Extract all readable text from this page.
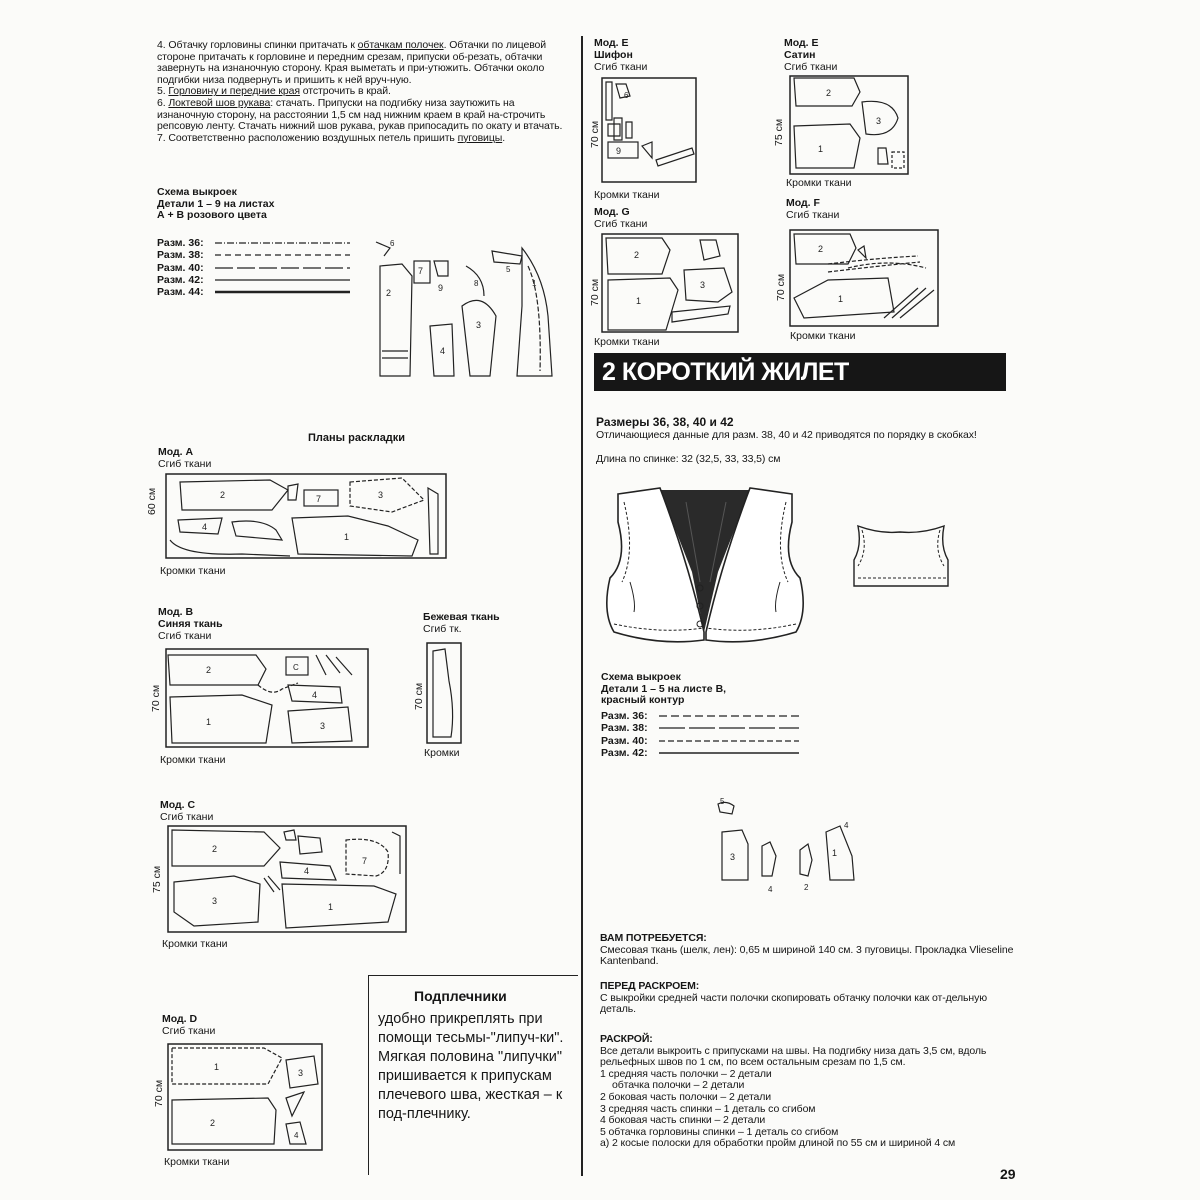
4. Обтачку горловины спинки притачать к обтачкам полочек. Обтачки по лицевой стороне притачать к горловине и передним срезам, припуски об-резать, обтачки завернуть на изнаночную сторону. Края выметать и при-утюжить. Обтачки около подгибки низа подвернуть и пришить к ней вруч-ную.
5. Горловину и передние края отстрочить в край.
6. Локтевой шов рукава: стачать. Припуски на подгибку низа заутюжить на изнаночную сторону, на расстоянии 1,5 см над нижним краем в край на-строчить репсовую ленту. Стачать нижний шов рукава, рукав припосадить по окату и втачать.
7. Соответственно расположению воздушных петель пришить пуговицы.
Схема выкроек
Детали 1 – 9 на листах
А + В розового цвета
Разм. 36:
Разм. 38:
Разм. 40:
Разм. 42:
Разм. 44:	2
6
7
9	8
5
4
3
1
Планы раскладки
Мод. А
Сгиб ткани
Кромки ткани
60 см	2	7	3
4
1
Мод. В
Синяя ткань
Сгиб ткани
Кромки ткани
70 см
2	С
4
1	3
Бежевая ткань
Сгиб тк.
Кромки
70 см
Мод. С
Сгиб ткани
Кромки ткани
75 см
2
7
4
3
1
Мод. D
Сгиб ткани
Кромки ткани
70 см
1
3
2
4
Подплечники
удобно прикреплять при помощи тесьмы-"липуч-ки". Мягкая половина "липучки" пришивается к припускам плечевого шва, жесткая – к под-плечнику.
Мод. Е
Шифон
Сгиб ткани
Кромки ткани
70 см
6
9
Мод. G
Сгиб ткани
Кромки ткани
70 см
2
1
3
Мод. Е
Сатин
Сгиб ткани
Кромки ткани
75 см
2
3
1
Мод. F
Сгиб ткани
Кромки ткани
70 см
2
1
2 КОРОТКИЙ ЖИЛЕТ
Размеры 36, 38, 40 и 42
Отличающиеся данные для разм. 38, 40 и 42 приводятся по порядку в скобках!
Длина по спинке: 32 (32,5, 33, 33,5) см
Схема выкроек
Детали 1 – 5 на листе В,
красный контур
Разм. 36:
Разм. 38:
Разм. 40:
Разм. 42:
5
3
4	2
4
1
ВАМ ПОТРЕБУЕТСЯ:
Смесовая ткань (шелк, лен): 0,65 м шириной 140 см. 3 пуговицы. Прокладка Vlieseline Kantenband.
ПЕРЕД РАСКРОЕМ:
С выкройки средней части полочки скопировать обтачку полочки как от-дельную деталь.
РАСКРОЙ:
Все детали выкроить с припусками на швы. На подгибку низа дать 3,5 см, вдоль рельефных швов по 1 см, по всем остальным срезам по 1,5 см.
1 средняя часть полочки – 2 детали
обтачка полочки – 2 детали
2 боковая часть полочки – 2 детали
3 средняя часть спинки – 1 деталь со сгибом
4 боковая часть спинки – 2 детали
5 обтачка горловины спинки – 1 деталь со сгибом
а) 2 косые полоски для обработки пройм длиной по 55 см и шириной 4 см
29
